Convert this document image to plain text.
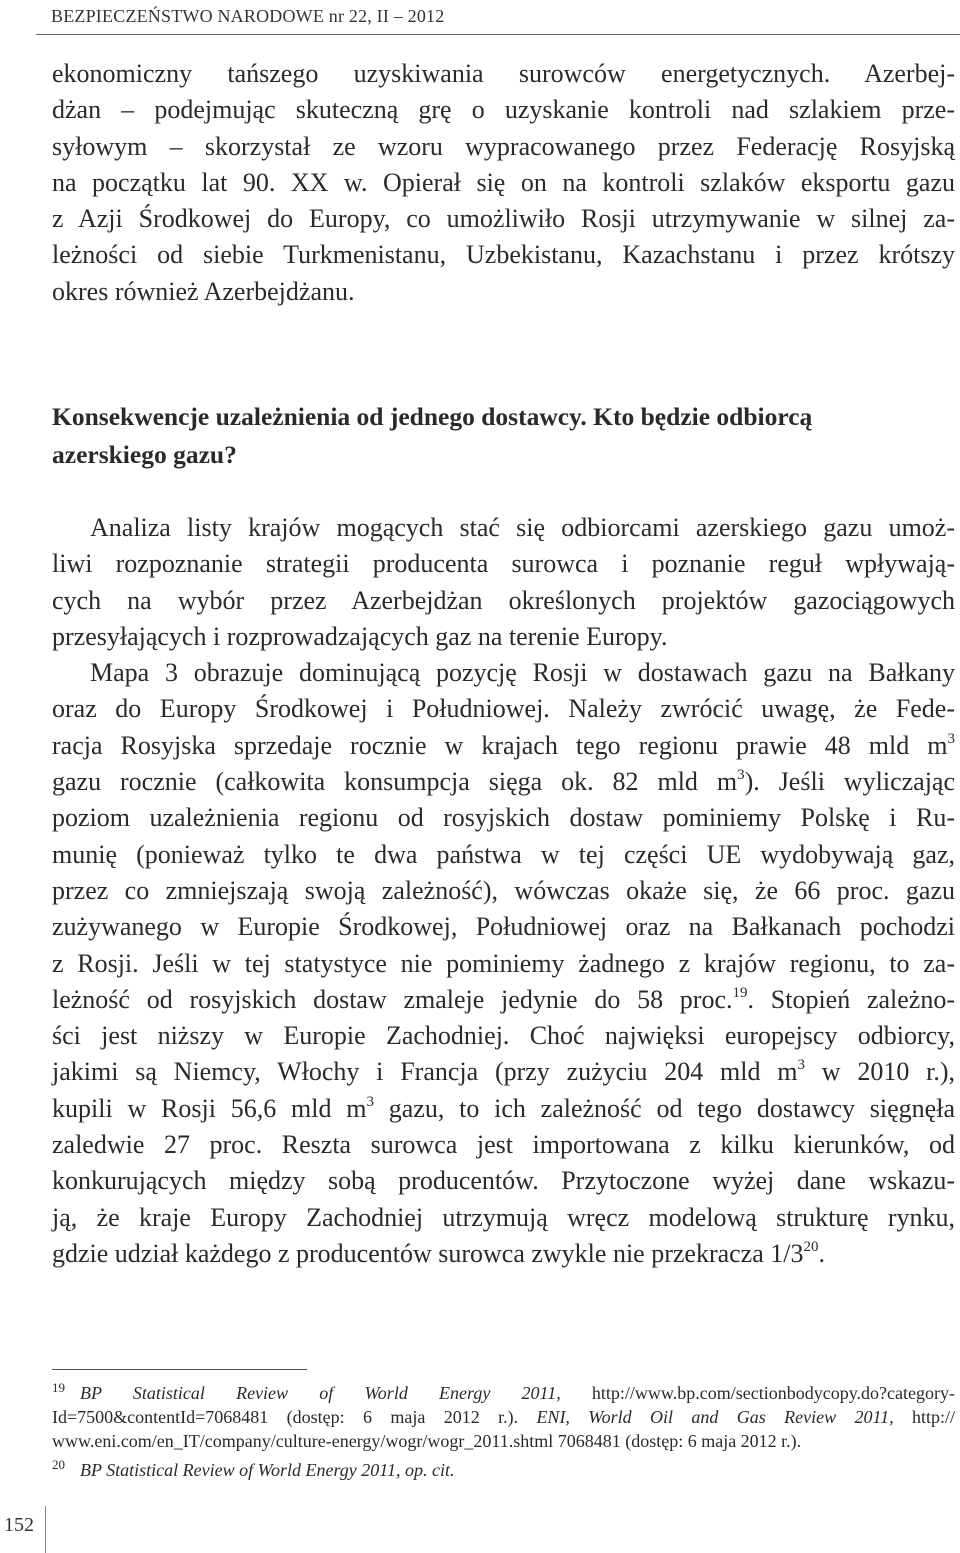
BEZPIECZEŃSTWO NARODOWE nr 22, II – 2012

ekonomiczny tańszego uzyskiwania surowców energetycznych. Azerbej-
dżan – podejmując skuteczną grę o uzyskanie kontroli nad szlakiem prze-
syłowym – skorzystał ze wzoru wypracowanego przez Federację Rosyjską
na początku lat 90. XX w. Opierał się on na kontroli szlaków eksportu gazu
z Azji Środkowej do Europy, co umożliwiło Rosji utrzymywanie w silnej za-
leżności od siebie Turkmenistanu, Uzbekistanu, Kazachstanu i przez krótszy
okres również Azerbejdżanu.

Konsekwencje uzależnienia od jednego dostawcy. Kto będzie odbiorcą
azerskiego gazu?

Analiza listy krajów mogących stać się odbiorcami azerskiego gazu umoż-
liwi rozpoznanie strategii producenta surowca i poznanie reguł wpływają-
cych na wybór przez Azerbejdżan określonych projektów gazociągowych
przesyłających i rozprowadzających gaz na terenie Europy.

Mapa 3 obrazuje dominującą pozycję Rosji w dostawach gazu na Bałkany
oraz do Europy Środkowej i Południowej. Należy zwrócić uwagę, że Fede-
racja Rosyjska sprzedaje rocznie w krajach tego regionu prawie 48 mld $m^3$
gazu rocznie (całkowita konsumpcja sięga ok. 82 mld $m^3$). Jeśli wyliczając
poziom uzależnienia regionu od rosyjskich dostaw pominiemy Polskę i Ru-
munię (ponieważ tylko te dwa państwa w tej części UE wydobywają gaz,
przez co zmniejszają swoją zależność), wówczas okaże się, że 66 proc. gazu
zużywanego w Europie Środkowej, Południowej oraz na Bałkanach pochodzi
z Rosji. Jeśli w tej statystyce nie pominiemy żadnego z krajów regionu, to za-
leżność od rosyjskich dostaw zmaleje jedynie do 58 proc.$^{19}$. Stopień zależno-
ści jest niższy w Europie Zachodniej. Choć najwięksi europejscy odbiorcy,
jakimi są Niemcy, Włochy i Francja (przy zużyciu 204 mld $m^3$ w 2010 r.),
kupili w Rosji 56,6 mld $m^3$ gazu, to ich zależność od tego dostawcy sięgnęła
zaledwie 27 proc. Reszta surowca jest importowana z kilku kierunków, od
konkurujących między sobą producentów. Przytoczone wyżej dane wskazu-
ją, że kraje Europy Zachodniej utrzymują wręcz modelową strukturę rynku,
gdzie udział każdego z producentów surowca zwykle nie przekracza $1/3^{20}$.

19 BP Statistical Review of World Energy 2011, http://www.bp.com/sectionbodycopy.do?category-
Id=7500&contentId=7068481 (dostęp: 6 maja 2012 r.). ENI, World Oil and Gas Review 2011, http://
www.eni.com/en_IT/company/culture-energy/wogr/wogr_2011.shtml 7068481 (dostęp: 6 maja 2012 r.).
20 BP Statistical Review of World Energy 2011, op. cit.
152
